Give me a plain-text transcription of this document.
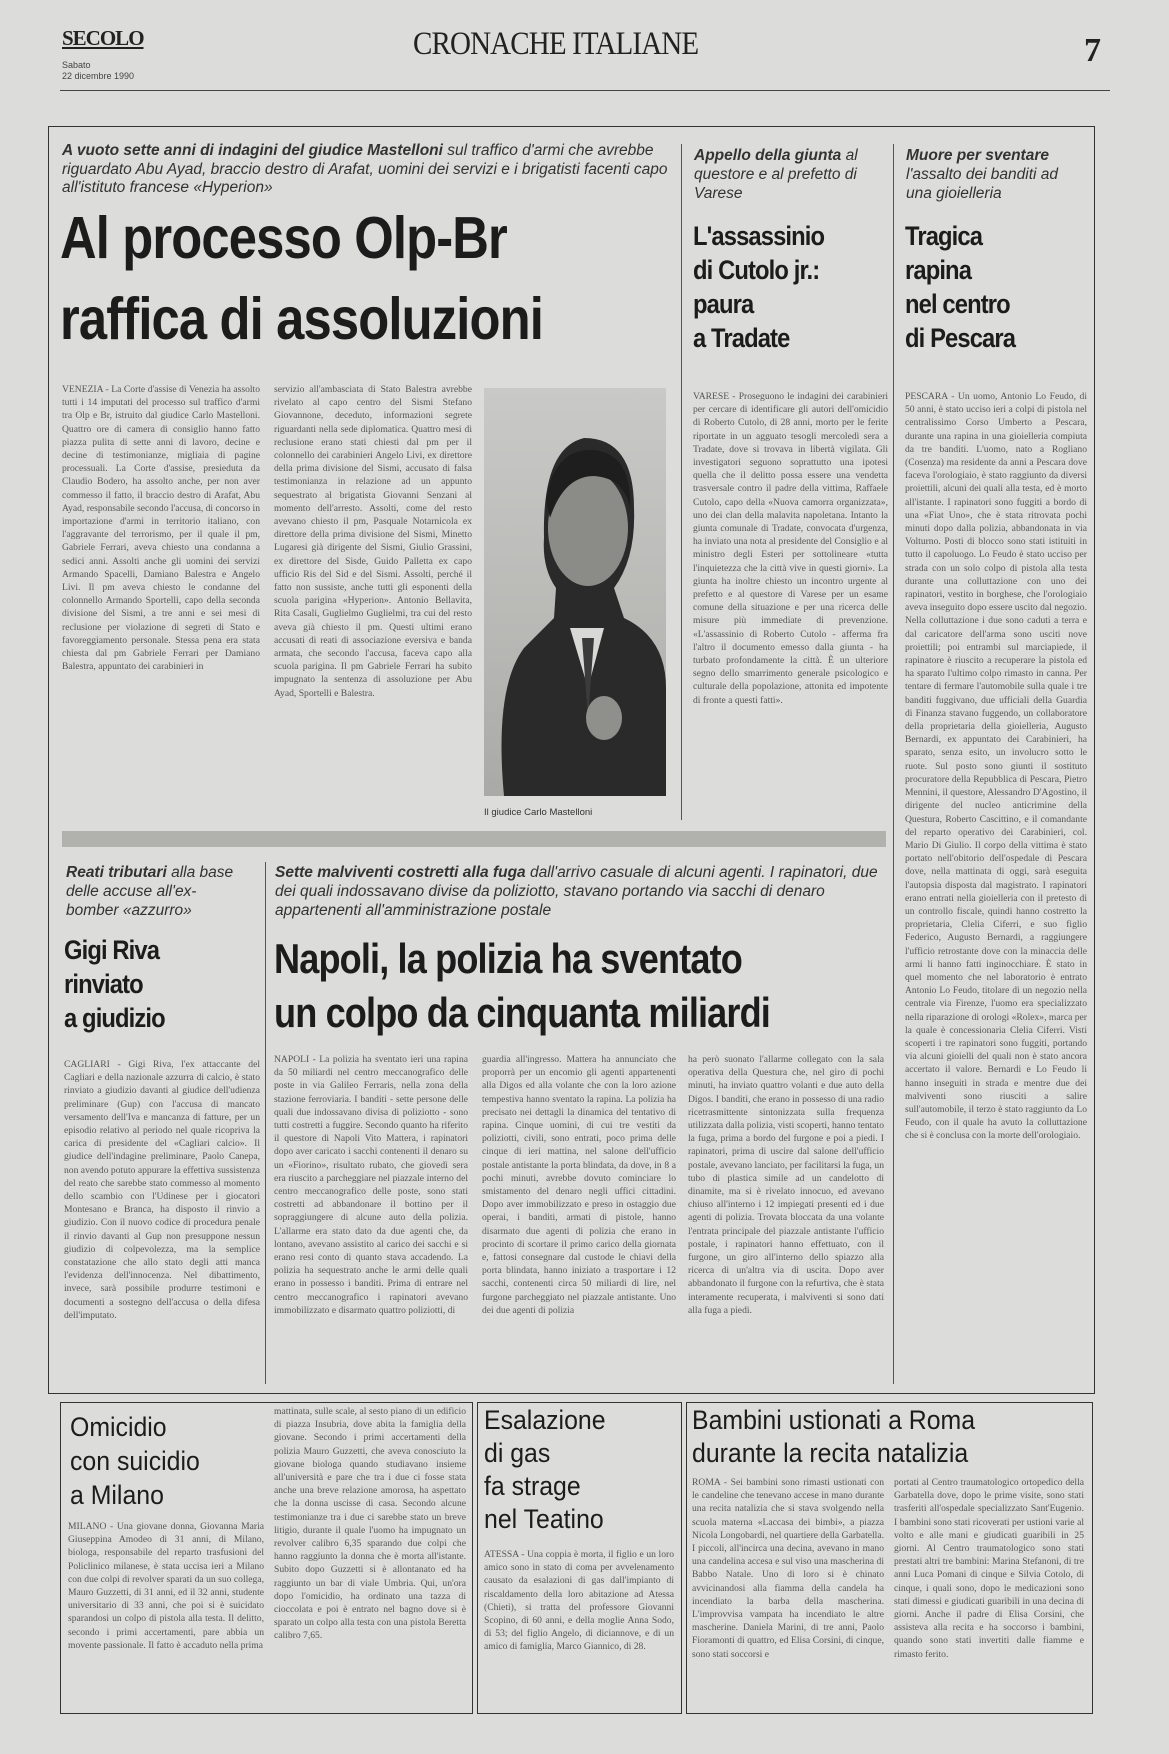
SECOLO
Sabato
22 dicembre 1990
CRONACHE ITALIANE	7
A vuoto sette anni di indagini del giudice Mastelloni sul traffico d'armi che avrebbe riguardato Abu Ayad, braccio destro di Arafat, uomini dei servizi e i brigatisti facenti capo all'istituto francese «Hyperion»
Al processo Olp-Br
raffica di assoluzioni
VENEZIA - La Corte d'assise di Venezia ha assolto tutti i 14 imputati del processo sul traffico d'armi tra Olp e Br, istruito dal giudice Carlo Mastelloni. Quattro ore di camera di consiglio hanno fatto piazza pulita di sette anni di lavoro, decine e decine di testimonianze, migliaia di pagine processuali. La Corte d'assise, presieduta da Claudio Bodero, ha assolto anche, per non aver commesso il fatto, il braccio destro di Arafat, Abu Ayad, responsabile secondo l'accusa, di concorso in importazione d'armi in territorio italiano, con l'aggravante del terrorismo, per il quale il pm, Gabriele Ferrari, aveva chiesto una condanna a sedici anni. Assolti anche gli uomini dei servizi Armando Spacelli, Damiano Balestra e Angelo Livi. Il pm aveva chiesto le condanne del colonnello Armando Sportelli, capo della seconda divisione del Sismi, a tre anni e sei mesi di reclusione per violazione di segreti di Stato e favoreggiamento personale. Stessa pena era stata chiesta dal pm Gabriele Ferrari per Damiano Balestra, appuntato dei carabinieri in
servizio all'ambasciata di Stato Balestra avrebbe rivelato al capo centro del Sismi Stefano Giovannone, deceduto, informazioni segrete riguardanti nella sede diplomatica. Quattro mesi di reclusione erano stati chiesti dal pm per il colonnello dei carabinieri Angelo Livi, ex direttore della prima divisione del Sismi, accusato di falsa testimonianza in relazione ad un appunto sequestrato al brigatista Giovanni Senzani al momento dell'arresto. Assolti, come del resto avevano chiesto il pm, Pasquale Notarnicola ex direttore della prima divisione del Sismi, Minetto Lugaresi già dirigente del Sismi, Giulio Grassini, ex direttore del Sisde, Guido Palletta ex capo ufficio Ris del Sid e del Sismi. Assolti, perché il fatto non sussiste, anche tutti gli esponenti della scuola parigina «Hyperion». Antonio Bellavita, Rita Casali, Guglielmo Guglielmi, tra cui del resto aveva già chiesto il pm. Questi ultimi erano accusati di reati di associazione eversiva e banda armata, che secondo l'accusa, faceva capo alla scuola parigina. Il pm Gabriele Ferrari ha subito impugnato la sentenza di assoluzione per Abu Ayad, Sportelli e Balestra.
Il giudice Carlo Mastelloni
Appello della giunta al questore e al prefetto di Varese
L'assassinio
di Cutolo jr.:
paura
a Tradate
VARESE - Proseguono le indagini dei carabinieri per cercare di identificare gli autori dell'omicidio di Roberto Cutolo, di 28 anni, morto per le ferite riportate in un agguato tesogli mercoledì sera a Tradate, dove si trovava in libertà vigilata. Gli investigatori seguono soprattutto una ipotesi quella che il delitto possa essere una vendetta trasversale contro il padre della vittima, Raffaele Cutolo, capo della «Nuova camorra organizzata», uno dei clan della malavita napoletana. Intanto la giunta comunale di Tradate, convocata d'urgenza, ha inviato una nota al presidente del Consiglio e al ministro degli Esteri per sottolineare «tutta l'inquietezza che la città vive in questi giorni». La giunta ha inoltre chiesto un incontro urgente al prefetto e al questore di Varese per un esame comune della situazione e per una ricerca delle misure più immediate di prevenzione. «L'assassinio di Roberto Cutolo - afferma fra l'altro il documento emesso dalla giunta - ha turbato profondamente la città. È un ulteriore segno dello smarrimento generale psicologico e culturale della popolazione, attonita ed impotente di fronte a questi fatti».
Muore per sventare l'assalto dei banditi ad una gioielleria
Tragica
rapina
nel centro
di Pescara
PESCARA - Un uomo, Antonio Lo Feudo, di 50 anni, è stato ucciso ieri a colpi di pistola nel centralissimo Corso Umberto a Pescara, durante una rapina in una gioielleria compiuta da tre banditi. L'uomo, nato a Rogliano (Cosenza) ma residente da anni a Pescara dove faceva l'orologiaio, è stato raggiunto da diversi proiettili, alcuni dei quali alla testa, ed è morto all'istante. I rapinatori sono fuggiti a bordo di una «Fiat Uno», che è stata ritrovata pochi minuti dopo dalla polizia, abbandonata in via Volturno. Posti di blocco sono stati istituiti in tutto il capoluogo. Lo Feudo è stato ucciso per strada con un solo colpo di pistola alla testa durante una colluttazione con uno dei rapinatori, vestito in borghese, che l'orologiaio aveva inseguito dopo essere uscito dal negozio. Nella colluttazione i due sono caduti a terra e dal caricatore dell'arma sono usciti nove proiettili; poi entrambi sul marciapiede, il rapinatore è riuscito a recuperare la pistola ed ha sparato l'ultimo colpo rimasto in canna. Per tentare di fermare l'automobile sulla quale i tre banditi fuggivano, due ufficiali della Guardia di Finanza stavano fuggendo, un collaboratore della proprietaria della gioielleria, Augusto Bernardi, ex appuntato dei Carabinieri, ha sparato, senza esito, un involucro sotto le ruote. Sul posto sono giunti il sostituto procuratore della Repubblica di Pescara, Pietro Mennini, il questore, Alessandro D'Agostino, il dirigente del nucleo anticrimine della Questura, Roberto Cascittino, e il comandante del reparto operativo dei Carabinieri, col. Mario Di Giulio. Il corpo della vittima è stato portato nell'obitorio dell'ospedale di Pescara dove, nella mattinata di oggi, sarà eseguita l'autopsia disposta dal magistrato. I rapinatori erano entrati nella gioielleria con il pretesto di un controllo fiscale, quindi hanno costretto la proprietaria, Clelia Ciferri, e suo figlio Federico, Augusto Bernardi, a raggiungere l'ufficio retrostante dove con la minaccia delle armi li hanno fatti inginocchiare. È stato in quel momento che nel laboratorio è entrato Antonio Lo Feudo, titolare di un negozio nella centrale via Firenze, l'uomo era specializzato nella riparazione di orologi «Rolex», marca per la quale è concessionaria Clelia Ciferri. Visti scoperti i tre rapinatori sono fuggiti, portando via alcuni gioielli del quali non è stato ancora accertato il valore. Bernardi e Lo Feudo li hanno inseguiti in strada e mentre due dei malviventi sono riusciti a salire sull'automobile, il terzo è stato raggiunto da Lo Feudo, con il quale ha avuto la colluttazione che si è conclusa con la morte dell'orologiaio.
Reati tributari alla base delle accuse all'ex-bomber «azzurro»
Gigi Riva
rinviato
a giudizio
CAGLIARI - Gigi Riva, l'ex attaccante del Cagliari e della nazionale azzurra di calcio, è stato rinviato a giudizio davanti al giudice dell'udienza preliminare (Gup) con l'accusa di mancato versamento dell'Iva e mancanza di fatture, per un episodio relativo al periodo nel quale ricopriva la carica di presidente del «Cagliari calcio». Il giudice dell'indagine preliminare, Paolo Canepa, non avendo potuto appurare la effettiva sussistenza del reato che sarebbe stato commesso al momento dello scambio con l'Udinese per i giocatori Montesano e Branca, ha disposto il rinvio a giudizio. Con il nuovo codice di procedura penale il rinvio davanti al Gup non presuppone nessun giudizio di colpevolezza, ma la semplice constatazione che allo stato degli atti manca l'evidenza dell'innocenza. Nel dibattimento, invece, sarà possibile produrre testimoni e documenti a sostegno dell'accusa o della difesa dell'imputato.
Sette malviventi costretti alla fuga dall'arrivo casuale di alcuni agenti. I rapinatori, due dei quali indossavano divise da poliziotto, stavano portando via sacchi di denaro appartenenti all'amministrazione postale
Napoli, la polizia ha sventato
un colpo da cinquanta miliardi
NAPOLI - La polizia ha sventato ieri una rapina da 50 miliardi nel centro meccanografico delle poste in via Galileo Ferraris, nella zona della stazione ferroviaria. I banditi - sette persone delle quali due indossavano divisa di poliziotto - sono tutti costretti a fuggire. Secondo quanto ha riferito il questore di Napoli Vito Mattera, i rapinatori dopo aver caricato i sacchi contenenti il denaro su un «Fiorino», risultato rubato, che giovedì sera era riuscito a parcheggiare nel piazzale interno del centro meccanografico delle poste, sono stati costretti ad abbandonare il bottino per il sopraggiungere di alcune auto della polizia. L'allarme era stato dato da due agenti che, da lontano, avevano assistito al carico dei sacchi e si erano resi conto di quanto stava accadendo. La polizia ha sequestrato anche le armi delle quali erano in possesso i banditi. Prima di entrare nel centro meccanografico i rapinatori avevano immobilizzato e disarmato quattro poliziotti, di
guardia all'ingresso. Mattera ha annunciato che proporrà per un encomio gli agenti appartenenti alla Digos ed alla volante che con la loro azione tempestiva hanno sventato la rapina. La polizia ha precisato nei dettagli la dinamica del tentativo di rapina. Cinque uomini, di cui tre vestiti da poliziotti, civili, sono entrati, poco prima delle cinque di ieri mattina, nel salone dell'ufficio postale antistante la porta blindata, da dove, in 8 a pochi minuti, avrebbe dovuto cominciare lo smistamento del denaro negli uffici cittadini. Dopo aver immobilizzato e preso in ostaggio due operai, i banditi, armati di pistole, hanno disarmato due agenti di polizia che erano in procinto di scortare il primo carico della giornata e, fattosi consegnare dal custode le chiavi della porta blindata, hanno iniziato a trasportare i 12 sacchi, contenenti circa 50 miliardi di lire, nel furgone parcheggiato nel piazzale antistante. Uno dei due agenti di polizia
ha però suonato l'allarme collegato con la sala operativa della Questura che, nel giro di pochi minuti, ha inviato quattro volanti e due auto della Digos. I banditi, che erano in possesso di una radio ricetrasmittente sintonizzata sulla frequenza utilizzata dalla polizia, visti scoperti, hanno tentato la fuga, prima a bordo del furgone e poi a piedi. I rapinatori, prima di uscire dal salone dell'ufficio postale, avevano lanciato, per facilitarsi la fuga, un tubo di plastica simile ad un candelotto di dinamite, ma si è rivelato innocuo, ed avevano chiuso all'interno i 12 impiegati presenti ed i due agenti di polizia. Trovata bloccata da una volante l'entrata principale del piazzale antistante l'ufficio postale, i rapinatori hanno effettuato, con il furgone, un giro all'interno dello spiazzo alla ricerca di un'altra via di uscita. Dopo aver abbandonato il furgone con la refurtiva, che è stata interamente recuperata, i malviventi si sono dati alla fuga a piedi.
Omicidio
con suicidio
a Milano
MILANO - Una giovane donna, Giovanna Maria Giuseppina Amodeo di 31 anni, di Milano, biologa, responsabile del reparto trasfusioni del Policlinico milanese, è stata uccisa ieri a Milano con due colpi di revolver sparati da un suo collega, Mauro Guzzetti, di 31 anni, ed il 32 anni, studente universitario di 33 anni, che poi si è suicidato sparandosi un colpo di pistola alla testa. Il delitto, secondo i primi accertamenti, pare abbia un movente passionale. Il fatto è accaduto nella prima
mattinata, sulle scale, al sesto piano di un edificio di piazza Insubria, dove abita la famiglia della giovane. Secondo i primi accertamenti della polizia Mauro Guzzetti, che aveva conosciuto la giovane biologa quando studiavano insieme all'università e pare che tra i due ci fosse stata anche una breve relazione amorosa, ha aspettato che la donna uscisse di casa. Secondo alcune testimonianze tra i due ci sarebbe stato un breve litigio, durante il quale l'uomo ha impugnato un revolver calibro 6,35 sparando due colpi che hanno raggiunto la donna che è morta all'istante. Subito dopo Guzzetti si è allontanato ed ha raggiunto un bar di viale Umbria. Qui, un'ora dopo l'omicidio, ha ordinato una tazza di cioccolata e poi è entrato nel bagno dove si è sparato un colpo alla testa con una pistola Beretta calibro 7,65.
Esalazione
di gas
fa strage
nel Teatino
ATESSA - Una coppia è morta, il figlio e un loro amico sono in stato di coma per avvelenamento causato da esalazioni di gas dall'impianto di riscaldamento della loro abitazione ad Atessa (Chieti), si tratta del professore Giovanni Scopino, di 60 anni, e della moglie Anna Sodo, di 53; del figlio Angelo, di diciannove, e di un amico di famiglia, Marco Giannico, di 28.
Bambini ustionati a Roma
durante la recita natalizia
ROMA - Sei bambini sono rimasti ustionati con le candeline che tenevano accese in mano durante una recita natalizia che si stava svolgendo nella scuola materna «Laccasa dei bimbi», a piazza Nicola Longobardi, nel quartiere della Garbatella. I piccoli, all'incirca una decina, avevano in mano una candelina accesa e sul viso una mascherina di Babbo Natale. Uno di loro si è chinato avvicinandosi alla fiamma della candela ha incendiato la barba della mascherina. L'improvvisa vampata ha incendiato le altre mascherine. Daniela Marini, di tre anni, Paolo Fioramonti di quattro, ed Elisa Corsini, di cinque, sono stati soccorsi e
portati al Centro traumatologico ortopedico della Garbatella dove, dopo le prime visite, sono stati trasferiti all'ospedale specializzato Sant'Eugenio. I bambini sono stati ricoverati per ustioni varie al volto e alle mani e giudicati guaribili in 25 giorni. Al Centro traumatologico sono stati prestati altri tre bambini: Marina Stefanoni, di tre anni Luca Pomani di cinque e Silvia Cotolo, di cinque, i quali sono, dopo le medicazioni sono stati dimessi e giudicati guaribili in una decina di giorni. Anche il padre di Elisa Corsini, che assisteva alla recita e ha soccorso i bambini, quando sono stati invertiti dalle fiamme e rimasto ferito.
